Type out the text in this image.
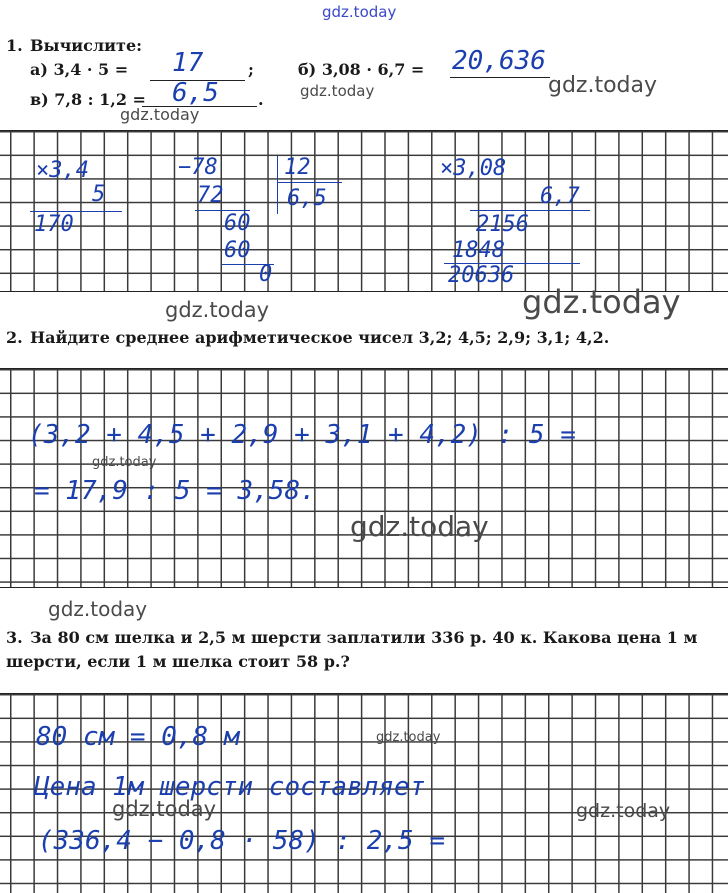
gdz.today
1. Вычислите:
а) 3,4 · 5 = 17	;	б) 3,08 · 6,7 = 20,636
в) 7,8 : 1,2 = 6,5 . gdz.today	gdz.today
gdz.today
×3,4
5
170
−78	12
72	6,5
60
60
0
×3,08
6,7
2156
1848
20636
gdz.today	gdz.today
2. Найдите среднее арифметическое чисел 3,2; 4,5; 2,9; 3,1; 4,2.
(3,2 + 4,5 + 2,9 + 3,1 + 4,2) : 5 =
= 17,9 : 5 = 3,58.
gdz.today
gdz.today
gdz.today
3. За 80 см шелка и 2,5 м шерсти заплатили 336 р. 40 к. Какова цена 1 м шерсти, если 1 м шелка стоит 58 р.?
80 см = 0,8 м
Цена 1м шерсти составляет
(336,4 − 0,8 · 58) : 2,5 =
gdz.today
gdz.today	gdz.today
